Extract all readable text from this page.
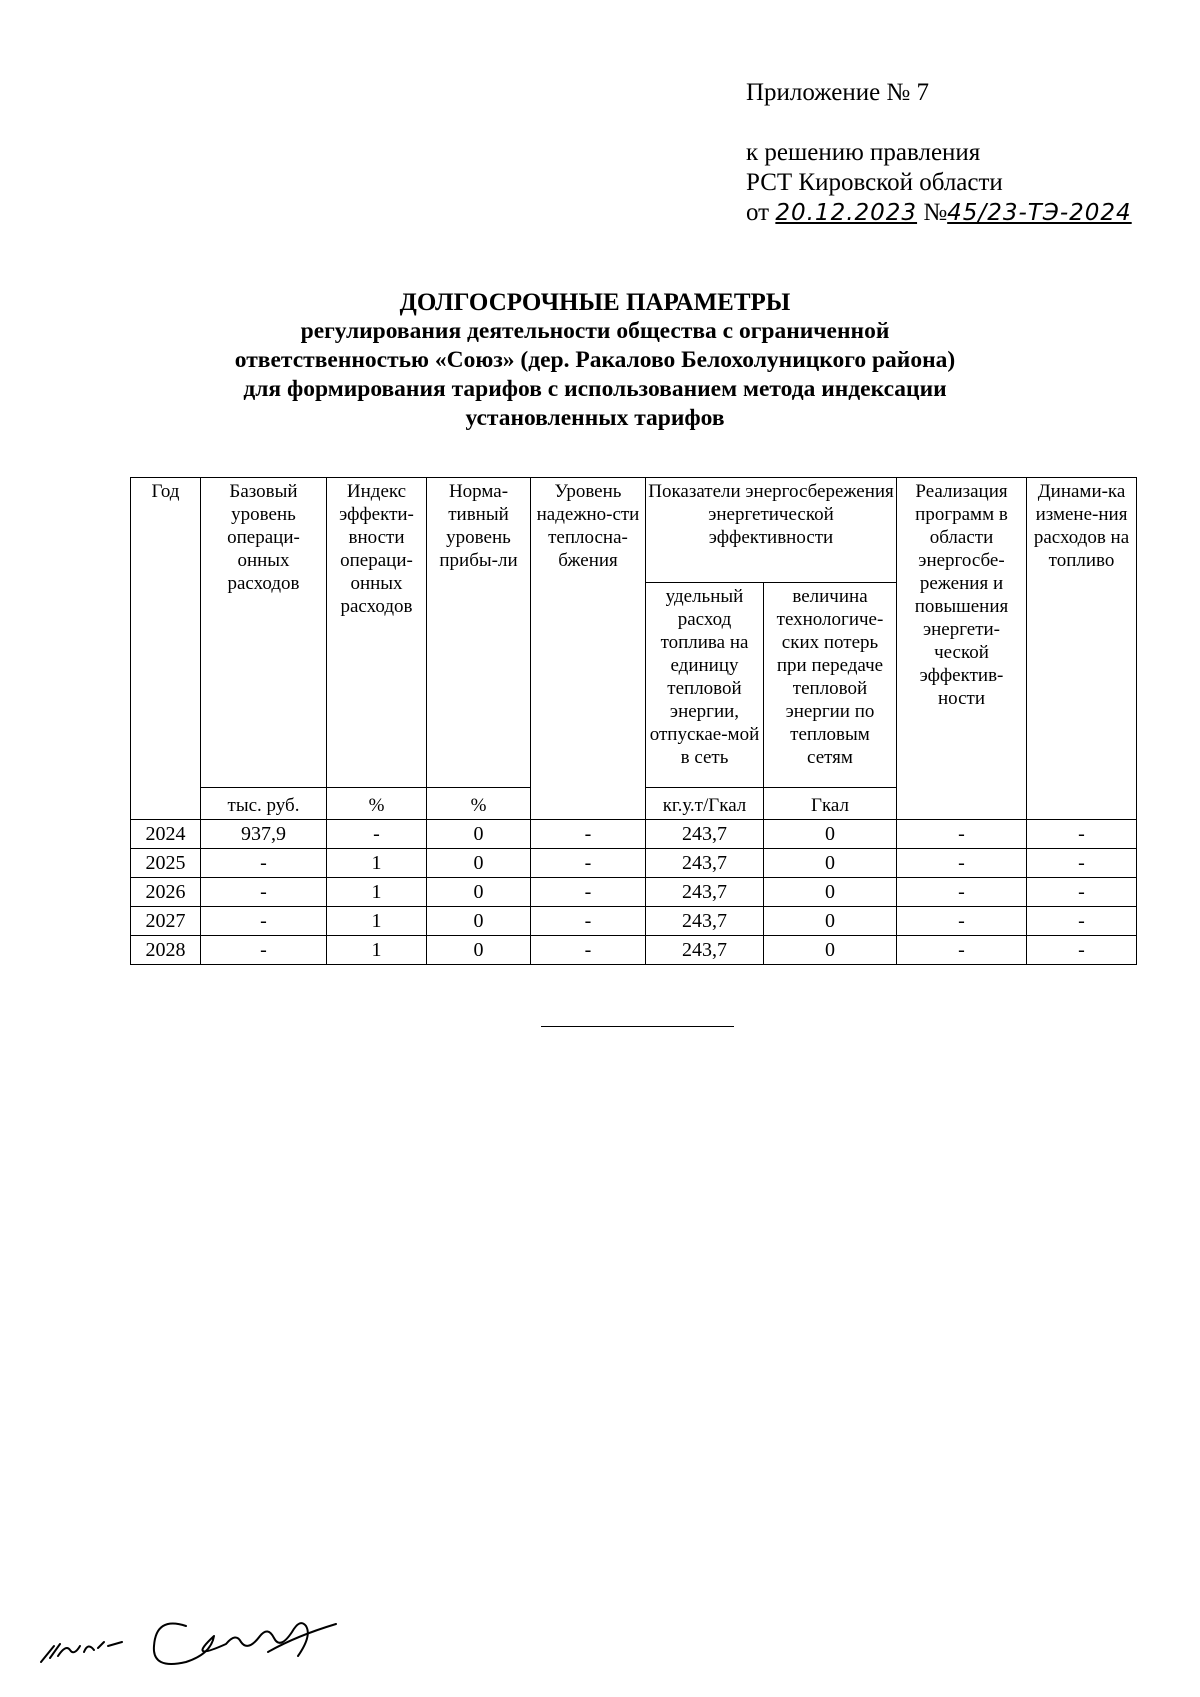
Приложение № 7
к решению правления
РСТ Кировской области
от 20.12.2023 №45/23-ТЭ-2024
ДОЛГОСРОЧНЫЕ ПАРАМЕТРЫ
регулирования деятельности общества с ограниченной
ответственностью «Союз» (дер. Ракалово Белохолуницкого района)
для формирования тарифов с использованием метода индексации
установленных тарифов
Год	Базовый уровень операци-онных расходов	Индекс эффекти-вности операци-онных расходов	Норма-тивный уровень прибы-ли	Уровень надежно-сти теплосна-бжения	Показатели энергосбережения энергетической эффективности		Реализация программ в области энергосбе-режения и повышения энергети-ческой эффектив-ности	Динами-ка измене-ния расходов на топливо
					удельный расход топлива на единицу тепловой энергии, отпускае-мой в сеть	величина технологиче-ских потерь при передаче тепловой энергии по тепловым сетям		
	тыс. руб.	%	%		кг.у.т/Гкал	Гкал		
2024	937,9	-	0	-	243,7	0	-	-
2025	-	1	0	-	243,7	0	-	-
2026	-	1	0	-	243,7	0	-	-
2027	-	1	0	-	243,7	0	-	-
2028	-	1	0	-	243,7	0	-	-
